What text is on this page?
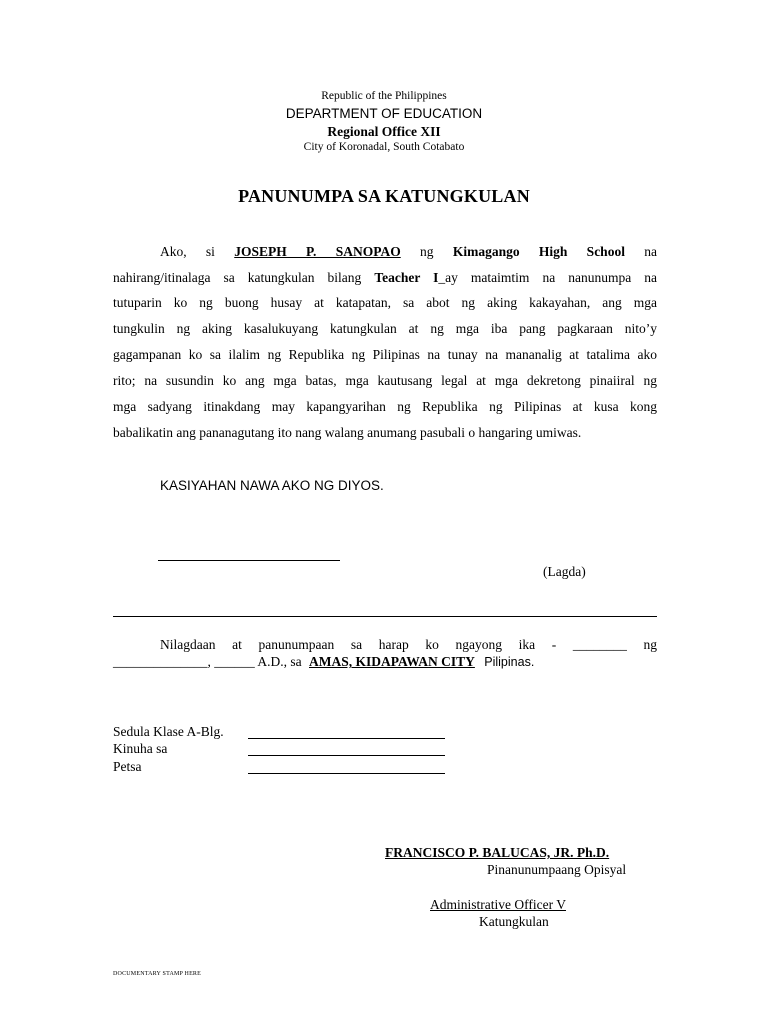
Republic of the Philippines
DEPARTMENT OF EDUCATION
Regional Office XII
City of Koronadal, South Cotabato
PANUNUMPA SA KATUNGKULAN
Ako, si JOSEPH P. SANOPAO ng Kimagango High School na
nahirang/itinalaga sa katungkulan bilang Teacher I_ay mataimtim na nanunumpa na
tutuparin ko ng buong husay at katapatan, sa abot ng aking kakayahan, ang mga
tungkulin ng aking kasalukuyang katungkulan at ng mga iba pang pagkaraan nito’y
gagampanan ko sa ilalim ng Republika ng Pilipinas na tunay na mananalig at tatalima ako
rito; na susundin ko ang mga batas, mga kautusang legal at mga dekretong pinaiiral ng
mga sadyang itinakdang may kapangyarihan ng Republika ng Pilipinas at kusa kong
babalikatin ang pananagutang ito nang walang anumang pasubali o hangaring umiwas.
KASIYAHAN NAWA AKO NG DIYOS.
(Lagda)
Nilagdaan at panunumpaan sa harap ko ngayong ika - ________ ng
______________, ______ A.D., sa AMAS, KIDAPAWAN CITY Pilipinas.
Sedula Klase A-Blg.
Kinuha sa
Petsa
FRANCISCO P. BALUCAS, JR. Ph.D.
Pinanunumpaang Opisyal
Administrative Officer V
Katungkulan
DOCUMENTARY STAMP HERE
